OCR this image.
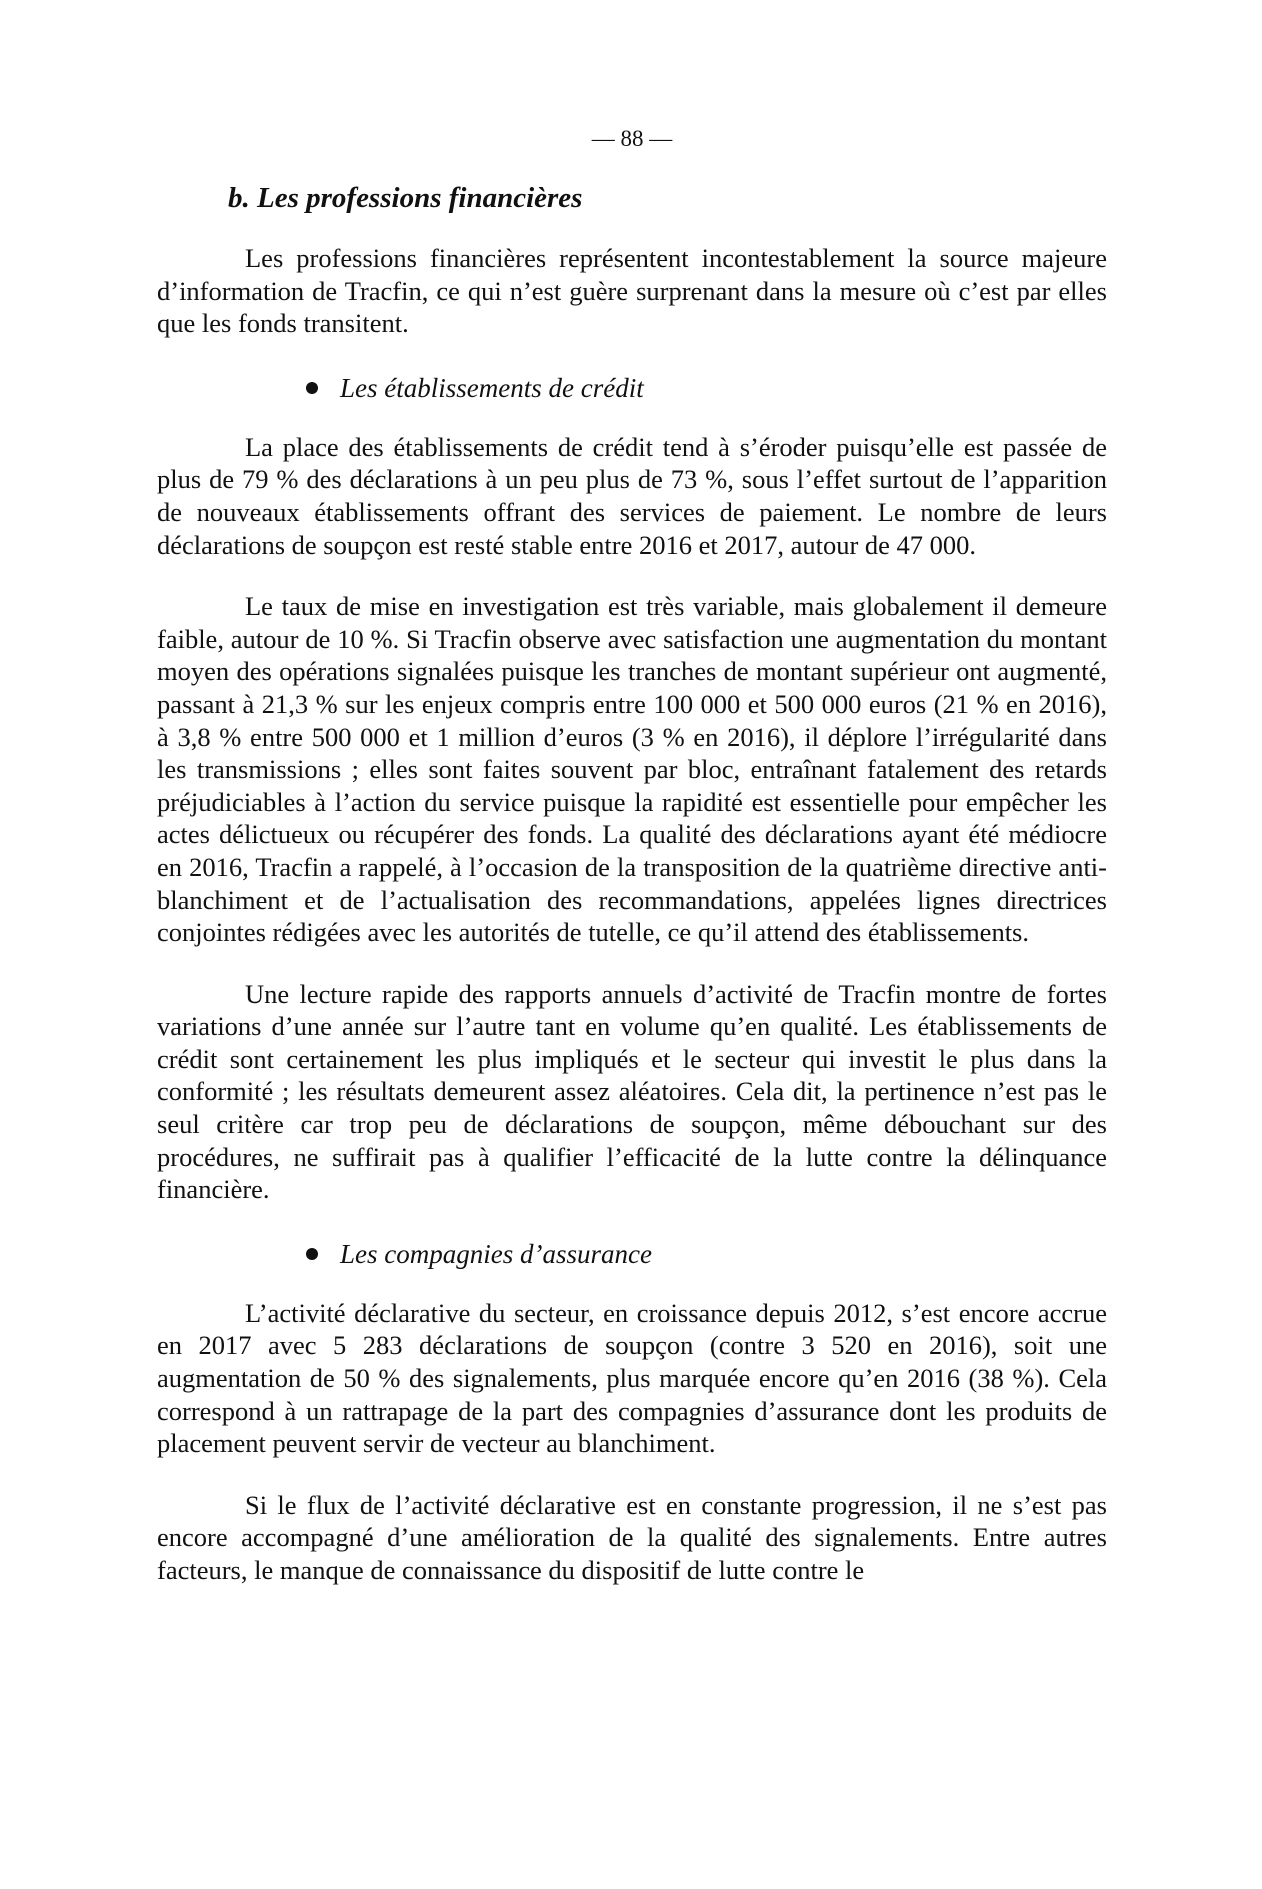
— 88 —
b. Les professions financières

Les professions financières représentent incontestablement la source majeure d’information de Tracfin, ce qui n’est guère surprenant dans la mesure où c’est par elles que les fonds transitent.

Les établissements de crédit

La place des établissements de crédit tend à s’éroder puisqu’elle est passée de plus de 79 % des déclarations à un peu plus de 73 %, sous l’effet surtout de l’apparition de nouveaux établissements offrant des services de paiement. Le nombre de leurs déclarations de soupçon est resté stable entre 2016 et 2017, autour de 47 000.

Le taux de mise en investigation est très variable, mais globalement il demeure faible, autour de 10 %. Si Tracfin observe avec satisfaction une augmentation du montant moyen des opérations signalées puisque les tranches de montant supérieur ont augmenté, passant à 21,3 % sur les enjeux compris entre 100 000 et 500 000 euros (21 % en 2016), à 3,8 % entre 500 000 et 1 million d’euros (3 % en 2016), il déplore l’irrégularité dans les transmissions ; elles sont faites souvent par bloc, entraînant fatalement des retards préjudiciables à l’action du service puisque la rapidité est essentielle pour empêcher les actes délictueux ou récupérer des fonds. La qualité des déclarations ayant été médiocre en 2016, Tracfin a rappelé, à l’occasion de la transposition de la quatrième directive anti-blanchiment et de l’actualisation des recommandations, appelées lignes directrices conjointes rédigées avec les autorités de tutelle, ce qu’il attend des établissements.

Une lecture rapide des rapports annuels d’activité de Tracfin montre de fortes variations d’une année sur l’autre tant en volume qu’en qualité. Les établissements de crédit sont certainement les plus impliqués et le secteur qui investit le plus dans la conformité ; les résultats demeurent assez aléatoires. Cela dit, la pertinence n’est pas le seul critère car trop peu de déclarations de soupçon, même débouchant sur des procédures, ne suffirait pas à qualifier l’efficacité de la lutte contre la délinquance financière.

Les compagnies d’assurance

L’activité déclarative du secteur, en croissance depuis 2012, s’est encore accrue en 2017 avec 5 283 déclarations de soupçon (contre 3 520 en 2016), soit une augmentation de 50 % des signalements, plus marquée encore qu’en 2016 (38 %). Cela correspond à un rattrapage de la part des compagnies d’assurance dont les produits de placement peuvent servir de vecteur au blanchiment.

Si le flux de l’activité déclarative est en constante progression, il ne s’est pas encore accompagné d’une amélioration de la qualité des signalements. Entre autres facteurs, le manque de connaissance du dispositif de lutte contre le
